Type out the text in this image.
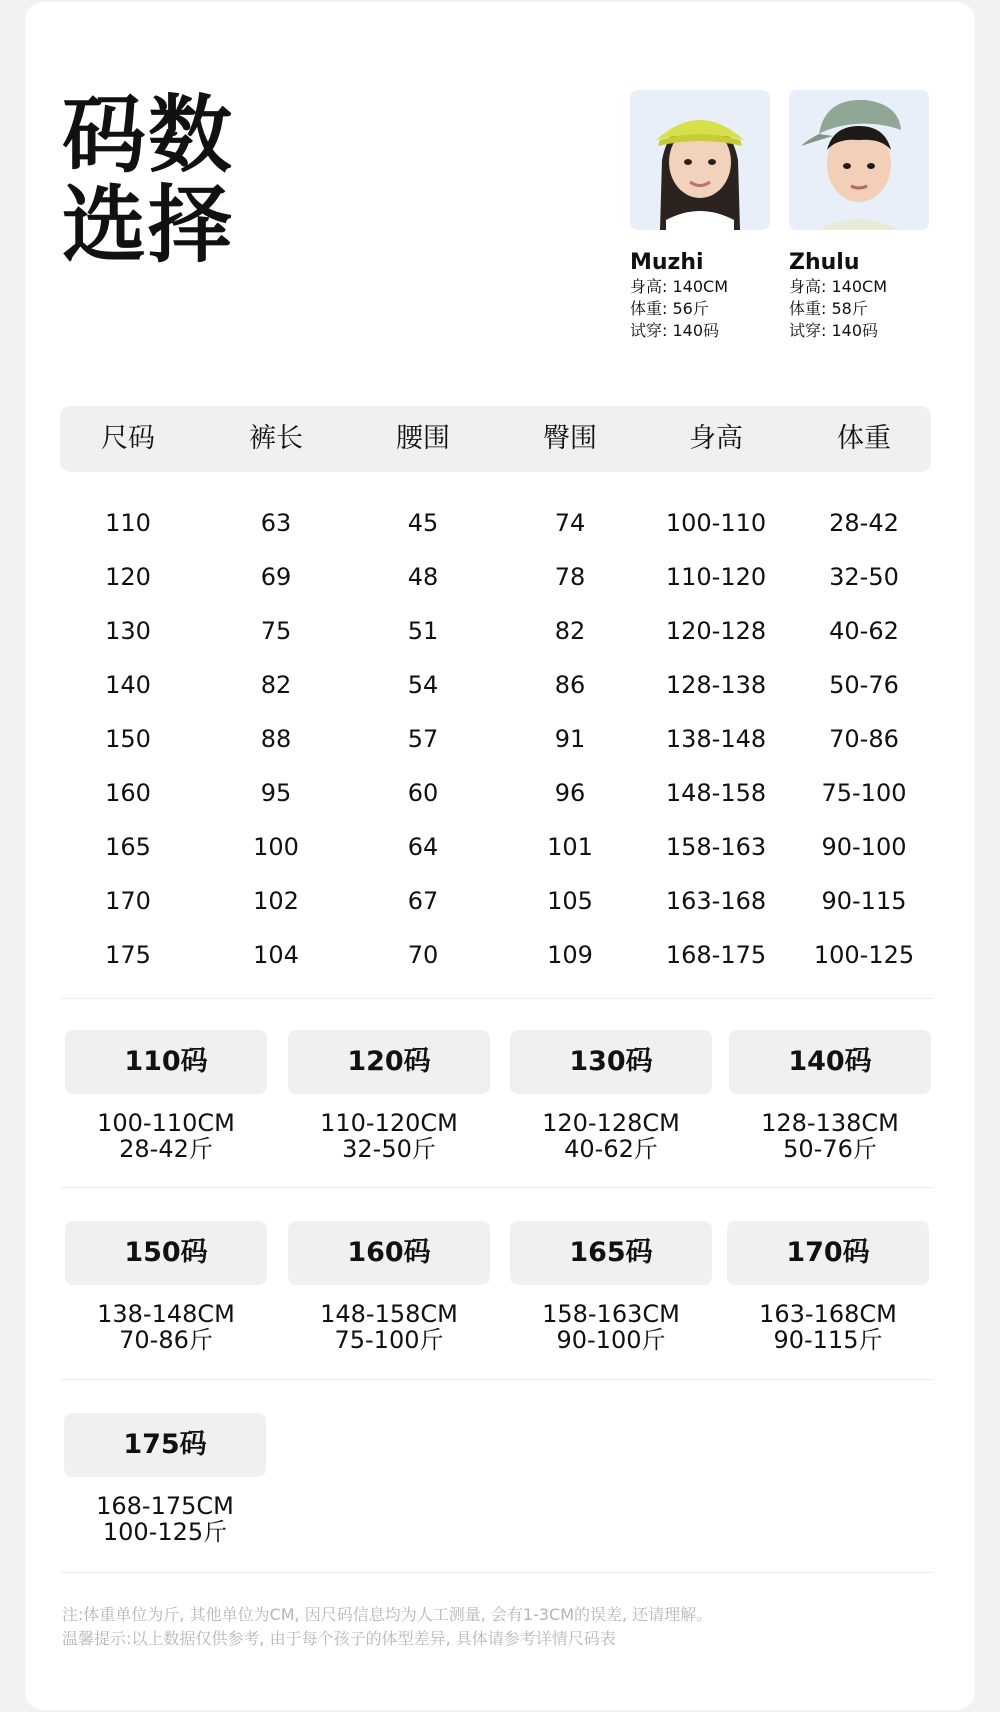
码数
选择	Muzhi
身高: 140CM
体重: 56斤
试穿: 140码
Zhulu
身高: 140CM
体重: 58斤
试穿: 140码
尺码	裤长	腰围	臀围	身高	体重
110	63	45	74	100-110	28-42
120	69	48	78	110-120	32-50
130	75	51	82	120-128	40-62
140	82	54	86	128-138	50-76
150	88	57	91	138-148	70-86
160	95	60	96	148-158	75-100
165	100	64	101	158-163	90-100
170	102	67	105	163-168	90-115
175	104	70	109	168-175	100-125
110码
100-110CM
28-42斤
120码
110-120CM
32-50斤
130码
120-128CM
40-62斤
140码
128-138CM
50-76斤
150码
138-148CM
70-86斤
160码
148-158CM
75-100斤
165码
158-163CM
90-100斤
170码
163-168CM
90-115斤
175码
168-175CM
100-125斤
注:体重单位为斤, 其他单位为CM, 因尺码信息均为人工测量, 会有1-3CM的误差, 还请理解。
温馨提示:以上数据仅供参考, 由于每个孩子的体型差异, 具体请参考详情尺码表
